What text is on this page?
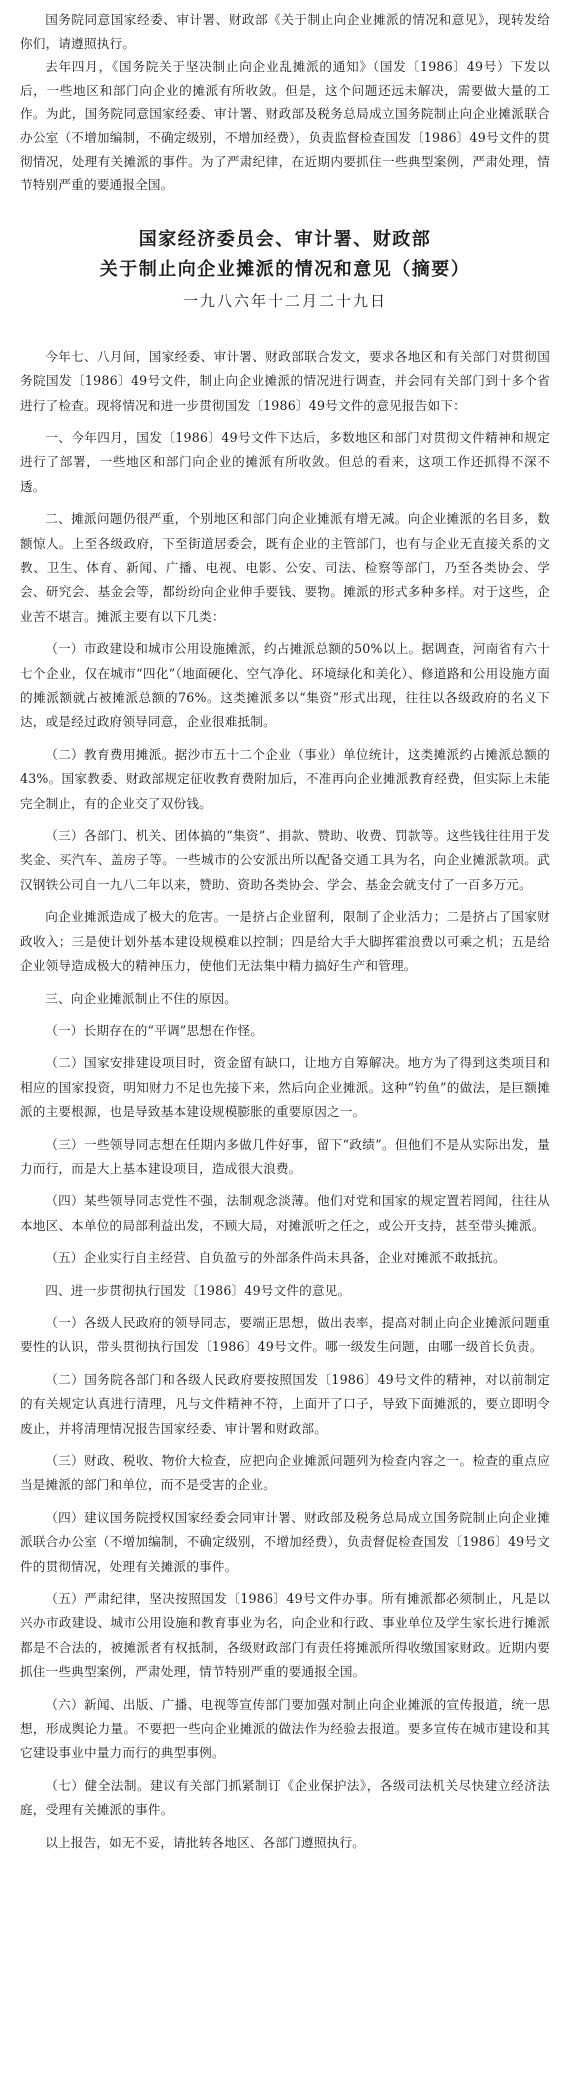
国务院同意国家经委、审计署、财政部《关于制止向企业摊派的情况和意见》，现转发给你们，请遵照执行。

去年四月，《国务院关于坚决制止向企业乱摊派的通知》（国发〔1986〕49号）下发以后，一些地区和部门向企业的摊派有所收敛。但是，这个问题还远未解决，需要做大量的工作。为此，国务院同意国家经委、审计署、财政部及税务总局成立国务院制止向企业摊派联合办公室（不增加编制，不确定级别，不增加经费），负责监督检查国发〔1986〕49号文件的贯彻情况，处理有关摊派的事件。为了严肃纪律，在近期内要抓住一些典型案例，严肃处理，情节特别严重的要通报全国。

国家经济委员会、审计署、财政部
关于制止向企业摊派的情况和意见（摘要）
一九八六年十二月二十九日

今年七、八月间，国家经委、审计署、财政部联合发文，要求各地区和有关部门对贯彻国务院国发〔1986〕49号文件，制止向企业摊派的情况进行调查，并会同有关部门到十多个省进行了检查。现将情况和进一步贯彻国发〔1986〕49号文件的意见报告如下：

一、今年四月，国发〔1986〕49号文件下达后，多数地区和部门对贯彻文件精神和规定进行了部署，一些地区和部门向企业的摊派有所收敛。但总的看来，这项工作还抓得不深不透。

二、摊派问题仍很严重，个别地区和部门向企业摊派有增无减。向企业摊派的名目多，数额惊人。上至各级政府，下至街道居委会，既有企业的主管部门，也有与企业无直接关系的文教、卫生、体育、新闻、广播、电视、电影、公安、司法、检察等部门，乃至各类协会、学会、研究会、基金会等，都纷纷向企业伸手要钱、要物。摊派的形式多种多样。对于这些，企业苦不堪言。摊派主要有以下几类：

（一）市政建设和城市公用设施摊派，约占摊派总额的50%以上。据调查，河南省有六十七个企业，仅在城市“四化”（地面硬化、空气净化、环境绿化和美化）、修道路和公用设施方面的摊派额就占被摊派总额的76%。这类摊派多以“集资”形式出现，往往以各级政府的名义下达，或是经过政府领导同意，企业很难抵制。

（二）教育费用摊派。据沙市五十二个企业（事业）单位统计，这类摊派约占摊派总额的43%。国家教委、财政部规定征收教育费附加后，不准再向企业摊派教育经费，但实际上未能完全制止，有的企业交了双份钱。

（三）各部门、机关、团体搞的“集资”、捐款、赞助、收费、罚款等。这些钱往往用于发奖金、买汽车、盖房子等。一些城市的公安派出所以配备交通工具为名，向企业摊派款项。武汉钢铁公司自一九八二年以来，赞助、资助各类协会、学会、基金会就支付了一百多万元。

向企业摊派造成了极大的危害。一是挤占企业留利，限制了企业活力；二是挤占了国家财政收入；三是使计划外基本建设规模难以控制；四是给大手大脚挥霍浪费以可乘之机；五是给企业领导造成极大的精神压力，使他们无法集中精力搞好生产和管理。

三、向企业摊派制止不住的原因。

（一）长期存在的“平调”思想在作怪。

（二）国家安排建设项目时，资金留有缺口，让地方自筹解决。地方为了得到这类项目和相应的国家投资，明知财力不足也先接下来，然后向企业摊派。这种“钓鱼”的做法，是巨额摊派的主要根源，也是导致基本建设规模膨胀的重要原因之一。

（三）一些领导同志想在任期内多做几件好事，留下“政绩”。但他们不是从实际出发，量力而行，而是大上基本建设项目，造成很大浪费。

（四）某些领导同志党性不强，法制观念淡薄。他们对党和国家的规定置若罔闻，往往从本地区、本单位的局部利益出发，不顾大局，对摊派听之任之，或公开支持，甚至带头摊派。

（五）企业实行自主经营、自负盈亏的外部条件尚未具备，企业对摊派不敢抵抗。

四、进一步贯彻执行国发〔1986〕49号文件的意见。

（一）各级人民政府的领导同志，要端正思想，做出表率，提高对制止向企业摊派问题重要性的认识，带头贯彻执行国发〔1986〕49号文件。哪一级发生问题，由哪一级首长负责。

（二）国务院各部门和各级人民政府要按照国发〔1986〕49号文件的精神，对以前制定的有关规定认真进行清理，凡与文件精神不符，上面开了口子，导致下面摊派的，要立即明令废止，并将清理情况报告国家经委、审计署和财政部。

（三）财政、税收、物价大检查，应把向企业摊派问题列为检查内容之一。检查的重点应当是摊派的部门和单位，而不是受害的企业。

（四）建议国务院授权国家经委会同审计署、财政部及税务总局成立国务院制止向企业摊派联合办公室（不增加编制，不确定级别，不增加经费），负责督促检查国发〔1986〕49号文件的贯彻情况，处理有关摊派的事件。

（五）严肃纪律，坚决按照国发〔1986〕49号文件办事。所有摊派都必须制止，凡是以兴办市政建设、城市公用设施和教育事业为名，向企业和行政、事业单位及学生家长进行摊派都是不合法的，被摊派者有权抵制，各级财政部门有责任将摊派所得收缴国家财政。近期内要抓住一些典型案例，严肃处理，情节特别严重的要通报全国。

（六）新闻、出版、广播、电视等宣传部门要加强对制止向企业摊派的宣传报道，统一思想，形成舆论力量。不要把一些向企业摊派的做法作为经验去报道。要多宣传在城市建设和其它建设事业中量力而行的典型事例。

（七）健全法制。建议有关部门抓紧制订《企业保护法》，各级司法机关尽快建立经济法庭，受理有关摊派的事件。

以上报告，如无不妥，请批转各地区、各部门遵照执行。
